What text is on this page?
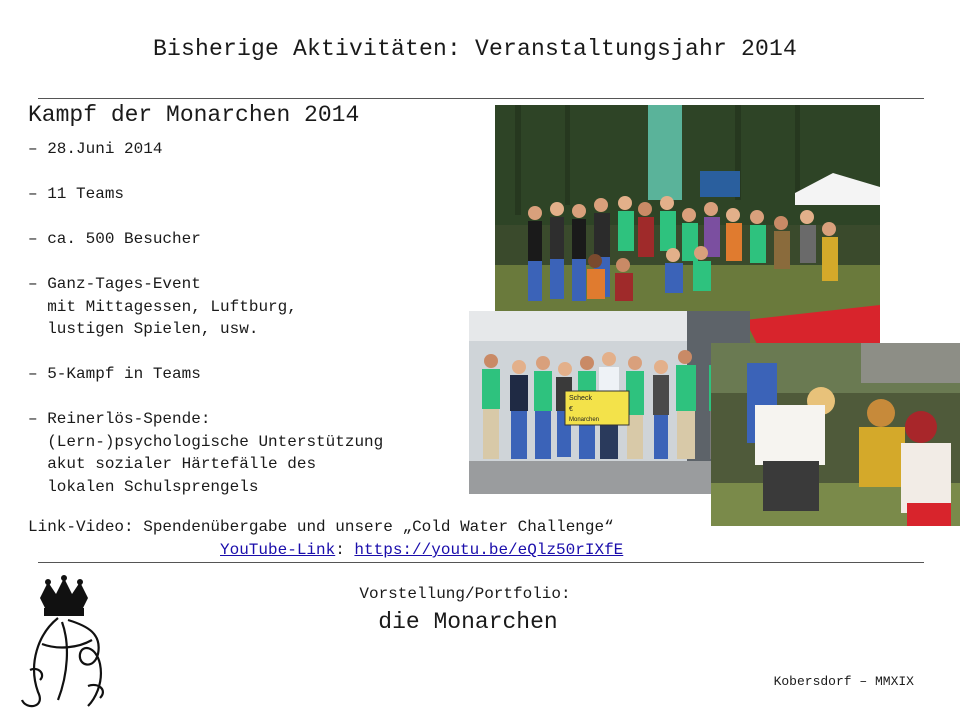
Bisherige Aktivitäten: Veranstaltungsjahr 2014
Kampf der Monarchen 2014
– 28.Juni 2014
– 11 Teams
– ca. 500 Besucher
– Ganz-Tages-Event
mit Mittagessen, Luftburg,
lustigen Spielen, usw.
– 5-Kampf in Teams
– Reinerlös-Spende:
(Lern-)psychologische Unterstützung
akut sozialer Härtefälle des
lokalen Schulsprengels
Link-Video: Spendenübergabe und unsere „Cold Water Challenge“
YouTube-Link: https://youtu.be/eQlz50rIXfE
Scheck
€
Monarchen
Vorstellung/Portfolio:
die Monarchen
Kobersdorf – MMXIX
